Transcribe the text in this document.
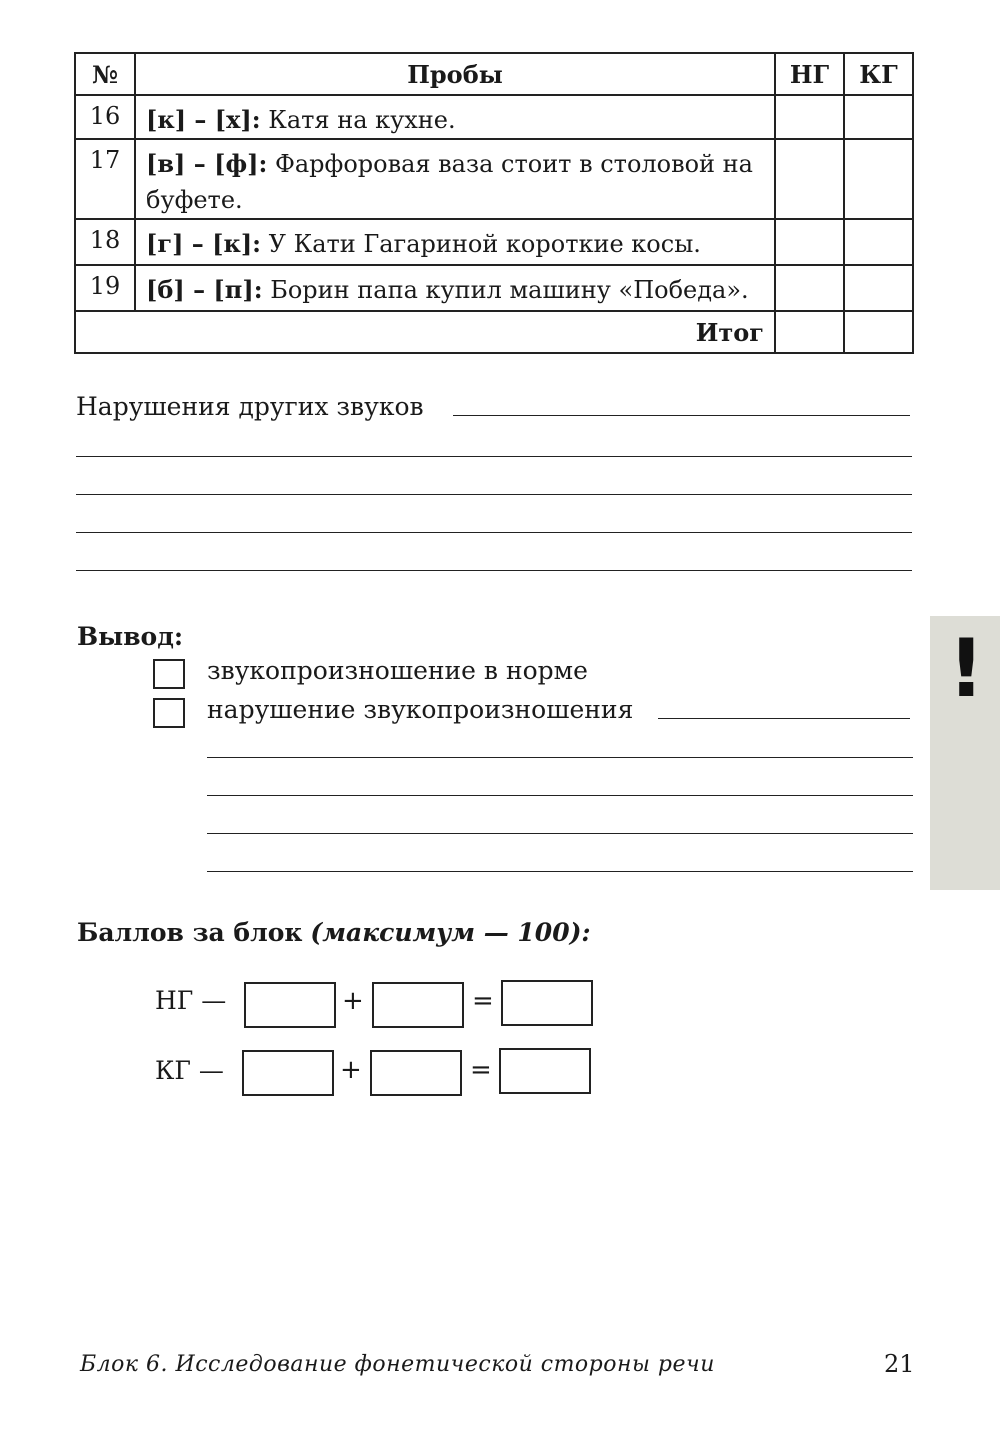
№	Пробы	НГ	КГ
16	[к] – [х]: Катя на кухне.		
17	[в] – [ф]: Фарфоровая ваза стоит в столовой на буфете.		
18	[г] – [к]: У Кати Гагариной короткие косы.		
19	[б] – [п]: Борин папа купил машину «Победа».		
Итог			
Нарушения других звуков
Вывод:
звукопроизношение в норме
нарушение звукопроизношения	!
Баллов за блок (максимум — 100):
НГ —	+	=
КГ —	+	=
Блок 6. Исследование фонетической стороны речи	21
